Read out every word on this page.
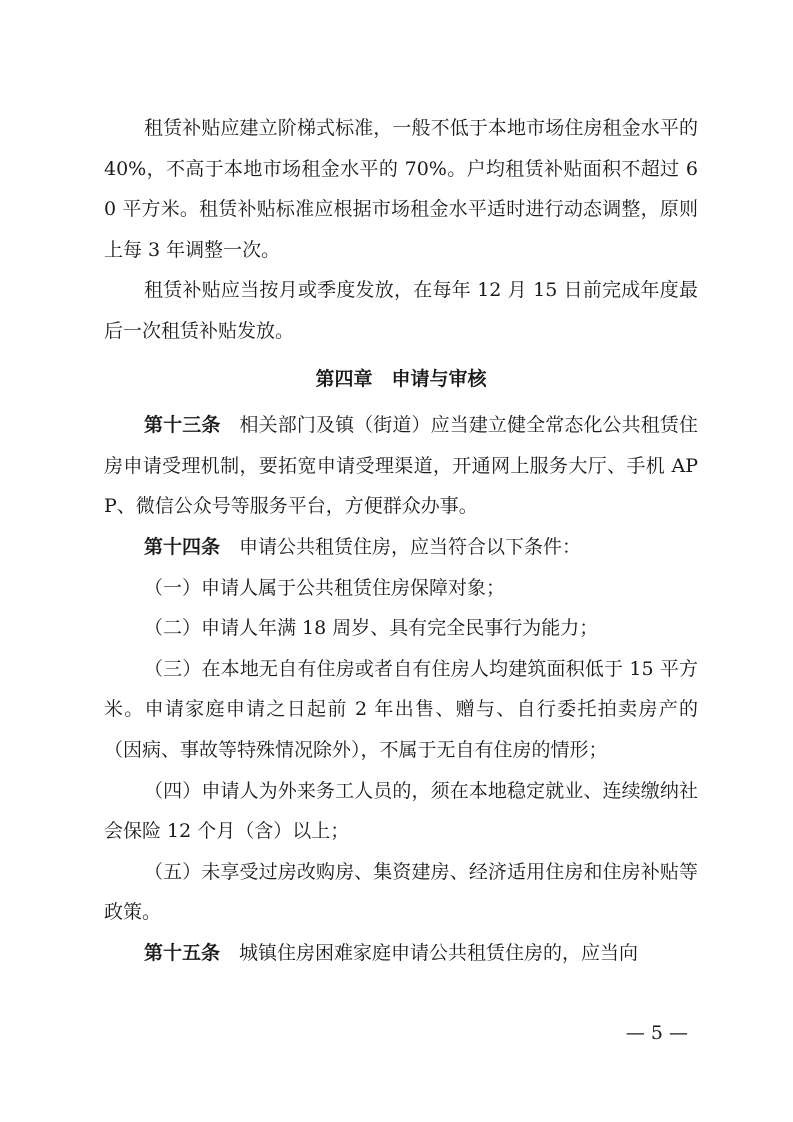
租赁补贴应建立阶梯式标准，一般不低于本地市场住房租金水平的 40%，不高于本地市场租金水平的 70%。户均租赁补贴面积不超过 60 平方米。租赁补贴标准应根据市场租金水平适时进行动态调整，原则上每 3 年调整一次。

租赁补贴应当按月或季度发放，在每年 12 月 15 日前完成年度最后一次租赁补贴发放。

第四章　申请与审核

第十三条　 相关部门及镇（街道）应当建立健全常态化公共租赁住房申请受理机制，要拓宽申请受理渠道，开通网上服务大厅、手机 APP、微信公众号等服务平台，方便群众办事。

第十四条　 申请公共租赁住房，应当符合以下条件：

（一）申请人属于公共租赁住房保障对象；

（二）申请人年满 18 周岁、具有完全民事行为能力；

（三）在本地无自有住房或者自有住房人均建筑面积低于 15 平方米。申请家庭申请之日起前 2 年出售、赠与、自行委托拍卖房产的（因病、事故等特殊情况除外），不属于无自有住房的情形；

（四）申请人为外来务工人员的，须在本地稳定就业、连续缴纳社会保险 12 个月（含）以上；

（五）未享受过房改购房、集资建房、经济适用住房和住房补贴等政策。

第十五条　 城镇住房困难家庭申请公共租赁住房的，应当向

— 5 —
